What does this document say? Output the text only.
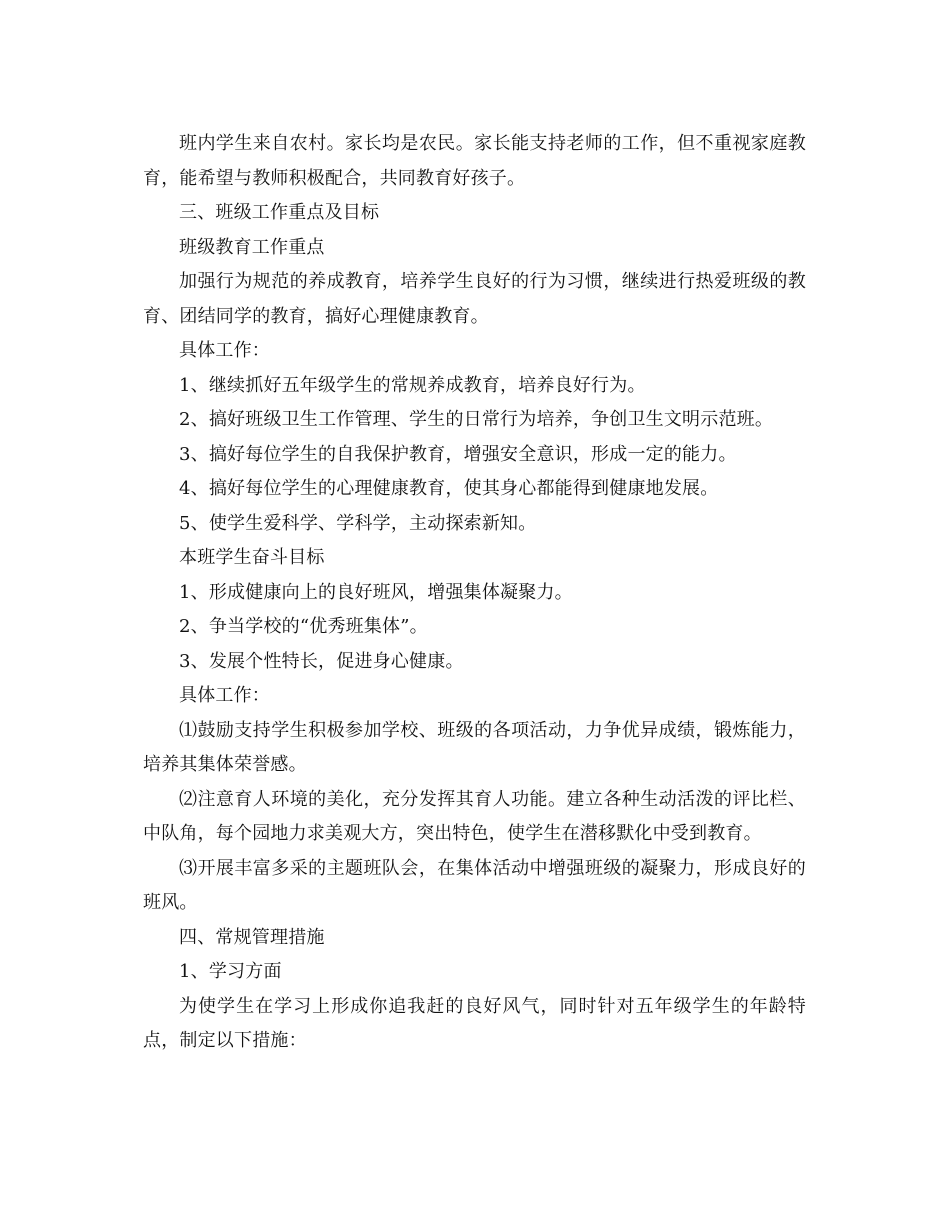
班内学生来自农村。家长均是农民。家长能支持老师的工作，但不重视家庭教育，能希望与教师积极配合，共同教育好孩子。

三、班级工作重点及目标

班级教育工作重点

加强行为规范的养成教育，培养学生良好的行为习惯，继续进行热爱班级的教育、团结同学的教育，搞好心理健康教育。

具体工作：

1、继续抓好五年级学生的常规养成教育，培养良好行为。

2、搞好班级卫生工作管理、学生的日常行为培养，争创卫生文明示范班。

3、搞好每位学生的自我保护教育，增强安全意识，形成一定的能力。

4、搞好每位学生的心理健康教育，使其身心都能得到健康地发展。

5、使学生爱科学、学科学，主动探索新知。

本班学生奋斗目标

1、形成健康向上的良好班风，增强集体凝聚力。

2、争当学校的“优秀班集体”。

3、发展个性特长，促进身心健康。

具体工作：

⑴鼓励支持学生积极参加学校、班级的各项活动，力争优异成绩，锻炼能力，培养其集体荣誉感。

⑵注意育人环境的美化，充分发挥其育人功能。建立各种生动活泼的评比栏、中队角，每个园地力求美观大方，突出特色，使学生在潜移默化中受到教育。

⑶开展丰富多采的主题班队会，在集体活动中增强班级的凝聚力，形成良好的班风。

四、常规管理措施

1、学习方面

为使学生在学习上形成你追我赶的良好风气，同时针对五年级学生的年龄特点，制定以下措施：
